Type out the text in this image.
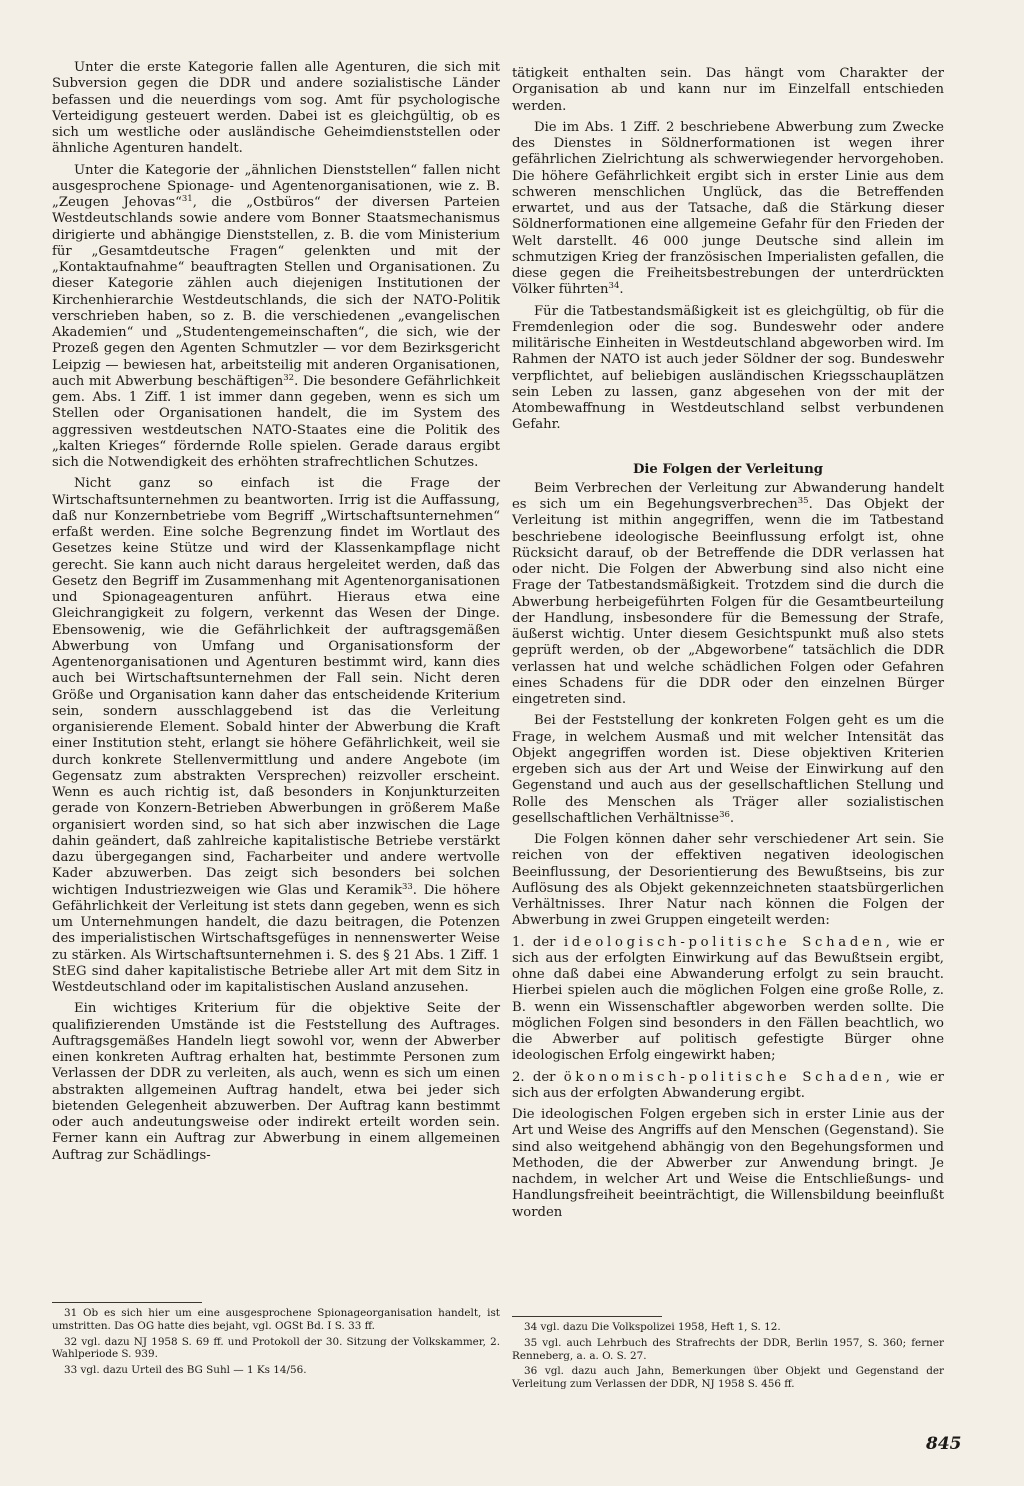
Unter die erste Kategorie fallen alle Agenturen, die sich mit Subversion gegen die DDR und andere sozialistische Länder befassen und die neuerdings vom sog. Amt für psychologische Verteidigung gesteuert werden. Dabei ist es gleichgültig, ob es sich um westliche oder ausländische Geheimdienststellen oder ähnliche Agenturen handelt.

Unter die Kategorie der „ähnlichen Dienststellen“ fallen nicht ausgesprochene Spionage- und Agentenorganisationen, wie z. B. „Zeugen Jehovas“$^{31}$, die „Ostbüros“ der diversen Parteien Westdeutschlands sowie andere vom Bonner Staatsmechanismus dirigierte und abhängige Dienststellen, z. B. die vom Ministerium für „Gesamtdeutsche Fragen“ gelenkten und mit der „Kontaktaufnahme“ beauftragten Stellen und Organisationen. Zu dieser Kategorie zählen auch diejenigen Institutionen der Kirchenhierarchie Westdeutschlands, die sich der NATO-Politik verschrieben haben, so z. B. die verschiedenen „evangelischen Akademien“ und „Studentengemeinschaften“, die sich, wie der Prozeß gegen den Agenten Schmutzler — vor dem Bezirksgericht Leipzig — bewiesen hat, arbeitsteilig mit anderen Organisationen, auch mit Abwerbung beschäftigen$^{32}$. Die besondere Gefährlichkeit gem. Abs. 1 Ziff. 1 ist immer dann gegeben, wenn es sich um Stellen oder Organisationen handelt, die im System des aggressiven westdeutschen NATO-Staates eine die Politik des „kalten Krieges“ fördernde Rolle spielen. Gerade daraus ergibt sich die Notwendigkeit des erhöhten strafrechtlichen Schutzes.

Nicht ganz so einfach ist die Frage der Wirtschaftsunternehmen zu beantworten. Irrig ist die Auffassung, daß nur Konzernbetriebe vom Begriff „Wirtschaftsunternehmen“ erfaßt werden. Eine solche Begrenzung findet im Wortlaut des Gesetzes keine Stütze und wird der Klassenkampflage nicht gerecht. Sie kann auch nicht daraus hergeleitet werden, daß das Gesetz den Begriff im Zusammenhang mit Agentenorganisationen und Spionageagenturen anführt. Hieraus etwa eine Gleichrangigkeit zu folgern, verkennt das Wesen der Dinge. Ebensowenig, wie die Gefährlichkeit der auftragsgemäßen Abwerbung von Umfang und Organisationsform der Agentenorganisationen und Agenturen bestimmt wird, kann dies auch bei Wirtschaftsunternehmen der Fall sein. Nicht deren Größe und Organisation kann daher das entscheidende Kriterium sein, sondern ausschlaggebend ist das die Verleitung organisierende Element. Sobald hinter der Abwerbung die Kraft einer Institution steht, erlangt sie höhere Gefährlichkeit, weil sie durch konkrete Stellenvermittlung und andere Angebote (im Gegensatz zum abstrakten Versprechen) reizvoller erscheint. Wenn es auch richtig ist, daß besonders in Konjunkturzeiten gerade von Konzern-Betrieben Abwerbungen in größerem Maße organisiert worden sind, so hat sich aber inzwischen die Lage dahin geändert, daß zahlreiche kapitalistische Betriebe verstärkt dazu übergegangen sind, Facharbeiter und andere wertvolle Kader abzuwerben. Das zeigt sich besonders bei solchen wichtigen Industriezweigen wie Glas und Keramik$^{33}$. Die höhere Gefährlichkeit der Verleitung ist stets dann gegeben, wenn es sich um Unternehmungen handelt, die dazu beitragen, die Potenzen des imperialistischen Wirtschaftsgefüges in nennenswerter Weise zu stärken. Als Wirtschaftsunternehmen i. S. des § 21 Abs. 1 Ziff. 1 StEG sind daher kapitalistische Betriebe aller Art mit dem Sitz in Westdeutschland oder im kapitalistischen Ausland anzusehen.

Ein wichtiges Kriterium für die objektive Seite der qualifizierenden Umstände ist die Feststellung des Auftrages. Auftragsgemäßes Handeln liegt sowohl vor, wenn der Abwerber einen konkreten Auftrag erhalten hat, bestimmte Personen zum Verlassen der DDR zu verleiten, als auch, wenn es sich um einen abstrakten allgemeinen Auftrag handelt, etwa bei jeder sich bietenden Gelegenheit abzuwerben. Der Auftrag kann bestimmt oder auch andeutungsweise oder indirekt erteilt worden sein. Ferner kann ein Auftrag zur Abwerbung in einem allgemeinen Auftrag zur Schädlings-

tätigkeit enthalten sein. Das hängt vom Charakter der Organisation ab und kann nur im Einzelfall entschieden werden.

Die im Abs. 1 Ziff. 2 beschriebene Abwerbung zum Zwecke des Dienstes in Söldnerformationen ist wegen ihrer gefährlichen Zielrichtung als schwerwiegender hervorgehoben. Die höhere Gefährlichkeit ergibt sich in erster Linie aus dem schweren menschlichen Unglück, das die Betreffenden erwartet, und aus der Tatsache, daß die Stärkung dieser Söldnerformationen eine allgemeine Gefahr für den Frieden der Welt darstellt. 46 000 junge Deutsche sind allein im schmutzigen Krieg der französischen Imperialisten gefallen, die diese gegen die Freiheitsbestrebungen der unterdrückten Völker führten$^{34}$.

Für die Tatbestandsmäßigkeit ist es gleichgültig, ob für die Fremdenlegion oder die sog. Bundeswehr oder andere militärische Einheiten in Westdeutschland abgeworben wird. Im Rahmen der NATO ist auch jeder Söldner der sog. Bundeswehr verpflichtet, auf beliebigen ausländischen Kriegsschauplätzen sein Leben zu lassen, ganz abgesehen von der mit der Atombewaffnung in Westdeutschland selbst verbundenen Gefahr.

Die Folgen der Verleitung

Beim Verbrechen der Verleitung zur Abwanderung handelt es sich um ein Begehungsverbrechen$^{35}$. Das Objekt der Verleitung ist mithin angegriffen, wenn die im Tatbestand beschriebene ideologische Beeinflussung erfolgt ist, ohne Rücksicht darauf, ob der Betreffende die DDR verlassen hat oder nicht. Die Folgen der Abwerbung sind also nicht eine Frage der Tatbestandsmäßigkeit. Trotzdem sind die durch die Abwerbung herbeigeführten Folgen für die Gesamtbeurteilung der Handlung, insbesondere für die Bemessung der Strafe, äußerst wichtig. Unter diesem Gesichtspunkt muß also stets geprüft werden, ob der „Abgeworbene“ tatsächlich die DDR verlassen hat und welche schädlichen Folgen oder Gefahren eines Schadens für die DDR oder den einzelnen Bürger eingetreten sind.

Bei der Feststellung der konkreten Folgen geht es um die Frage, in welchem Ausmaß und mit welcher Intensität das Objekt angegriffen worden ist. Diese objektiven Kriterien ergeben sich aus der Art und Weise der Einwirkung auf den Gegenstand und auch aus der gesellschaftlichen Stellung und Rolle des Menschen als Träger aller sozialistischen gesellschaftlichen Verhältnisse$^{36}$.

Die Folgen können daher sehr verschiedener Art sein. Sie reichen von der effektiven negativen ideologischen Beeinflussung, der Desorientierung des Bewußtseins, bis zur Auflösung des als Objekt gekennzeichneten staatsbürgerlichen Verhältnisses. Ihrer Natur nach können die Folgen der Abwerbung in zwei Gruppen eingeteilt werden:

1. der ideologisch-politische Schaden, wie er sich aus der erfolgten Einwirkung auf das Bewußtsein ergibt, ohne daß dabei eine Abwanderung erfolgt zu sein braucht. Hierbei spielen auch die möglichen Folgen eine große Rolle, z. B. wenn ein Wissenschaftler abgeworben werden sollte. Die möglichen Folgen sind besonders in den Fällen beachtlich, wo die Abwerber auf politisch gefestigte Bürger ohne ideologischen Erfolg eingewirkt haben;

2. der ökonomisch-politische Schaden, wie er sich aus der erfolgten Abwanderung ergibt.

Die ideologischen Folgen ergeben sich in erster Linie aus der Art und Weise des Angriffs auf den Menschen (Gegenstand). Sie sind also weitgehend abhängig von den Begehungsformen und Methoden, die der Abwerber zur Anwendung bringt. Je nachdem, in welcher Art und Weise die Entschließungs- und Handlungsfreiheit beeinträchtigt, die Willensbildung beeinflußt worden

31 Ob es sich hier um eine ausgesprochene Spionageorganisation handelt, ist umstritten. Das OG hatte dies bejaht, vgl. OGSt Bd. I S. 33 ff.

32 vgl. dazu NJ 1958 S. 69 ff. und Protokoll der 30. Sitzung der Volkskammer, 2. Wahlperiode S. 939.

33 vgl. dazu Urteil des BG Suhl — 1 Ks 14/56.

34 vgl. dazu Die Volkspolizei 1958, Heft 1, S. 12.

35 vgl. auch Lehrbuch des Strafrechts der DDR, Berlin 1957, S. 360; ferner Renneberg, a. a. O. S. 27.

36 vgl. dazu auch Jahn, Bemerkungen über Objekt und Gegenstand der Verleitung zum Verlassen der DDR, NJ 1958 S. 456 ff.

845
